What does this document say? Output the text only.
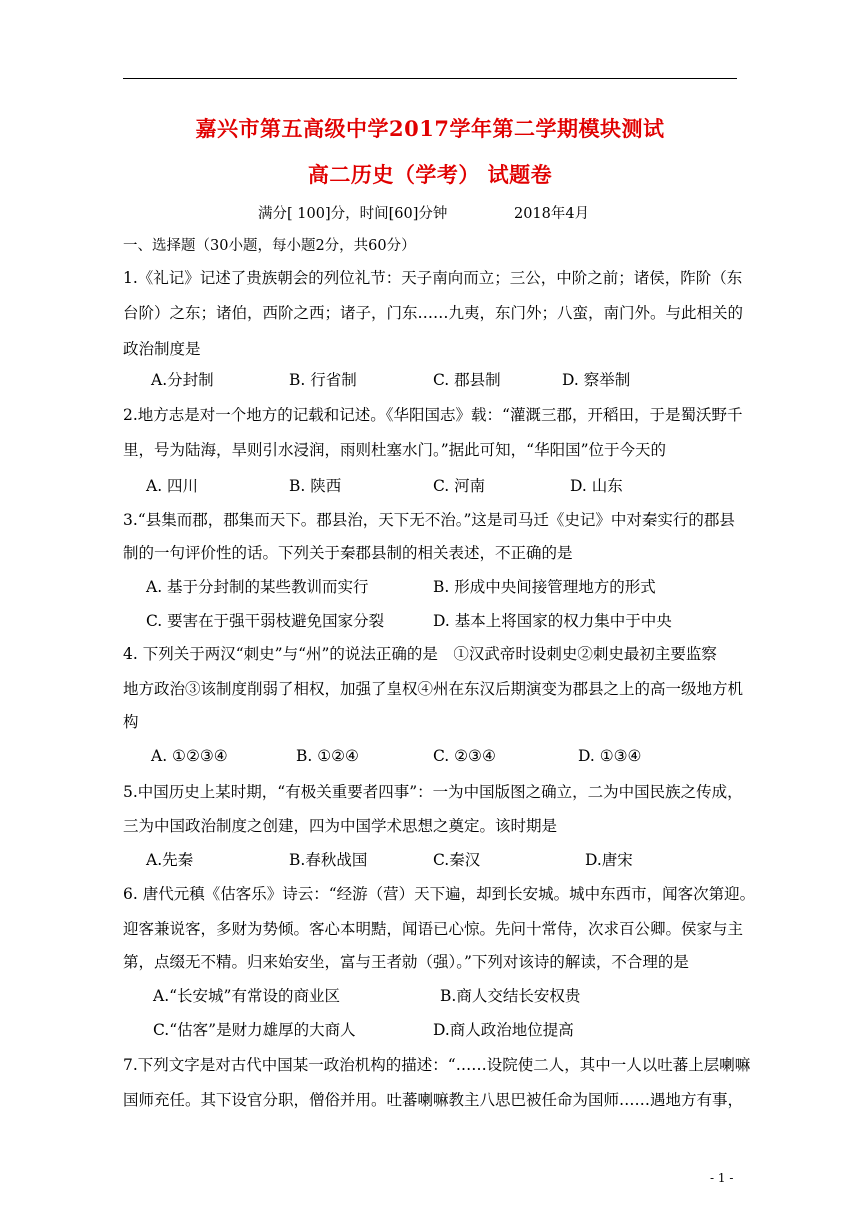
嘉兴市第五高级中学2017学年第二学期模块测试
高二历史（学考） 试题卷
满分[ 100]分，时间[60]分钟	2018年4月
一、选择题（30小题，每小题2分，共60分）
1.《礼记》记述了贵族朝会的列位礼节：天子南向而立；三公，中阶之前；诸侯，阼阶（东
台阶）之东；诸伯，西阶之西；诸子，门东……九夷，东门外；八蛮，南门外。与此相关的
政治制度是
A.分封制	B. 行省制	C. 郡县制	D. 察举制
2.地方志是对一个地方的记载和记述。《华阳国志》载：“灌溉三郡，开稻田，于是蜀沃野千
里，号为陆海，旱则引水浸润，雨则杜塞水门。”据此可知，“华阳国”位于今天的
A. 四川	B. 陕西	C. 河南	D. 山东
3.“县集而郡，郡集而天下。郡县治，天下无不治。”这是司马迁《史记》中对秦实行的郡县
制的一句评价性的话。下列关于秦郡县制的相关表述，不正确的是
A. 基于分封制的某些教训而实行	B. 形成中央间接管理地方的形式
C. 要害在于强干弱枝避免国家分裂	D. 基本上将国家的权力集中于中央
4. 下列关于两汉“刺史”与“州”的说法正确的是　①汉武帝时设刺史②刺史最初主要监察
地方政治③该制度削弱了相权，加强了皇权④州在东汉后期演变为郡县之上的高一级地方机
构
A. ①②③④	B. ①②④	C. ②③④	D. ①③④
5.中国历史上某时期，“有极关重要者四事”：一为中国版图之确立，二为中国民族之传成，
三为中国政治制度之创建，四为中国学术思想之奠定。该时期是
A.先秦	B.春秋战国	C.秦汉	D.唐宋
6. 唐代元稹《估客乐》诗云：“经游（营）天下遍，却到长安城。城中东西市，闻客次第迎。
迎客兼说客，多财为势倾。客心本明黠，闻语已心惊。先问十常侍，次求百公卿。侯家与主
第，点缀无不精。归来始安坐，富与王者勍（强）。”下列对该诗的解读，不合理的是
A.“长安城”有常设的商业区	B.商人交结长安权贵
C.“估客”是财力雄厚的大商人	D.商人政治地位提高
7.下列文字是对古代中国某一政治机构的描述：“……设院使二人，其中一人以吐蕃上层喇嘛
国师充任。其下设官分职，僧俗并用。吐蕃喇嘛教主八思巴被任命为国师……遇地方有事，
- 1 -
